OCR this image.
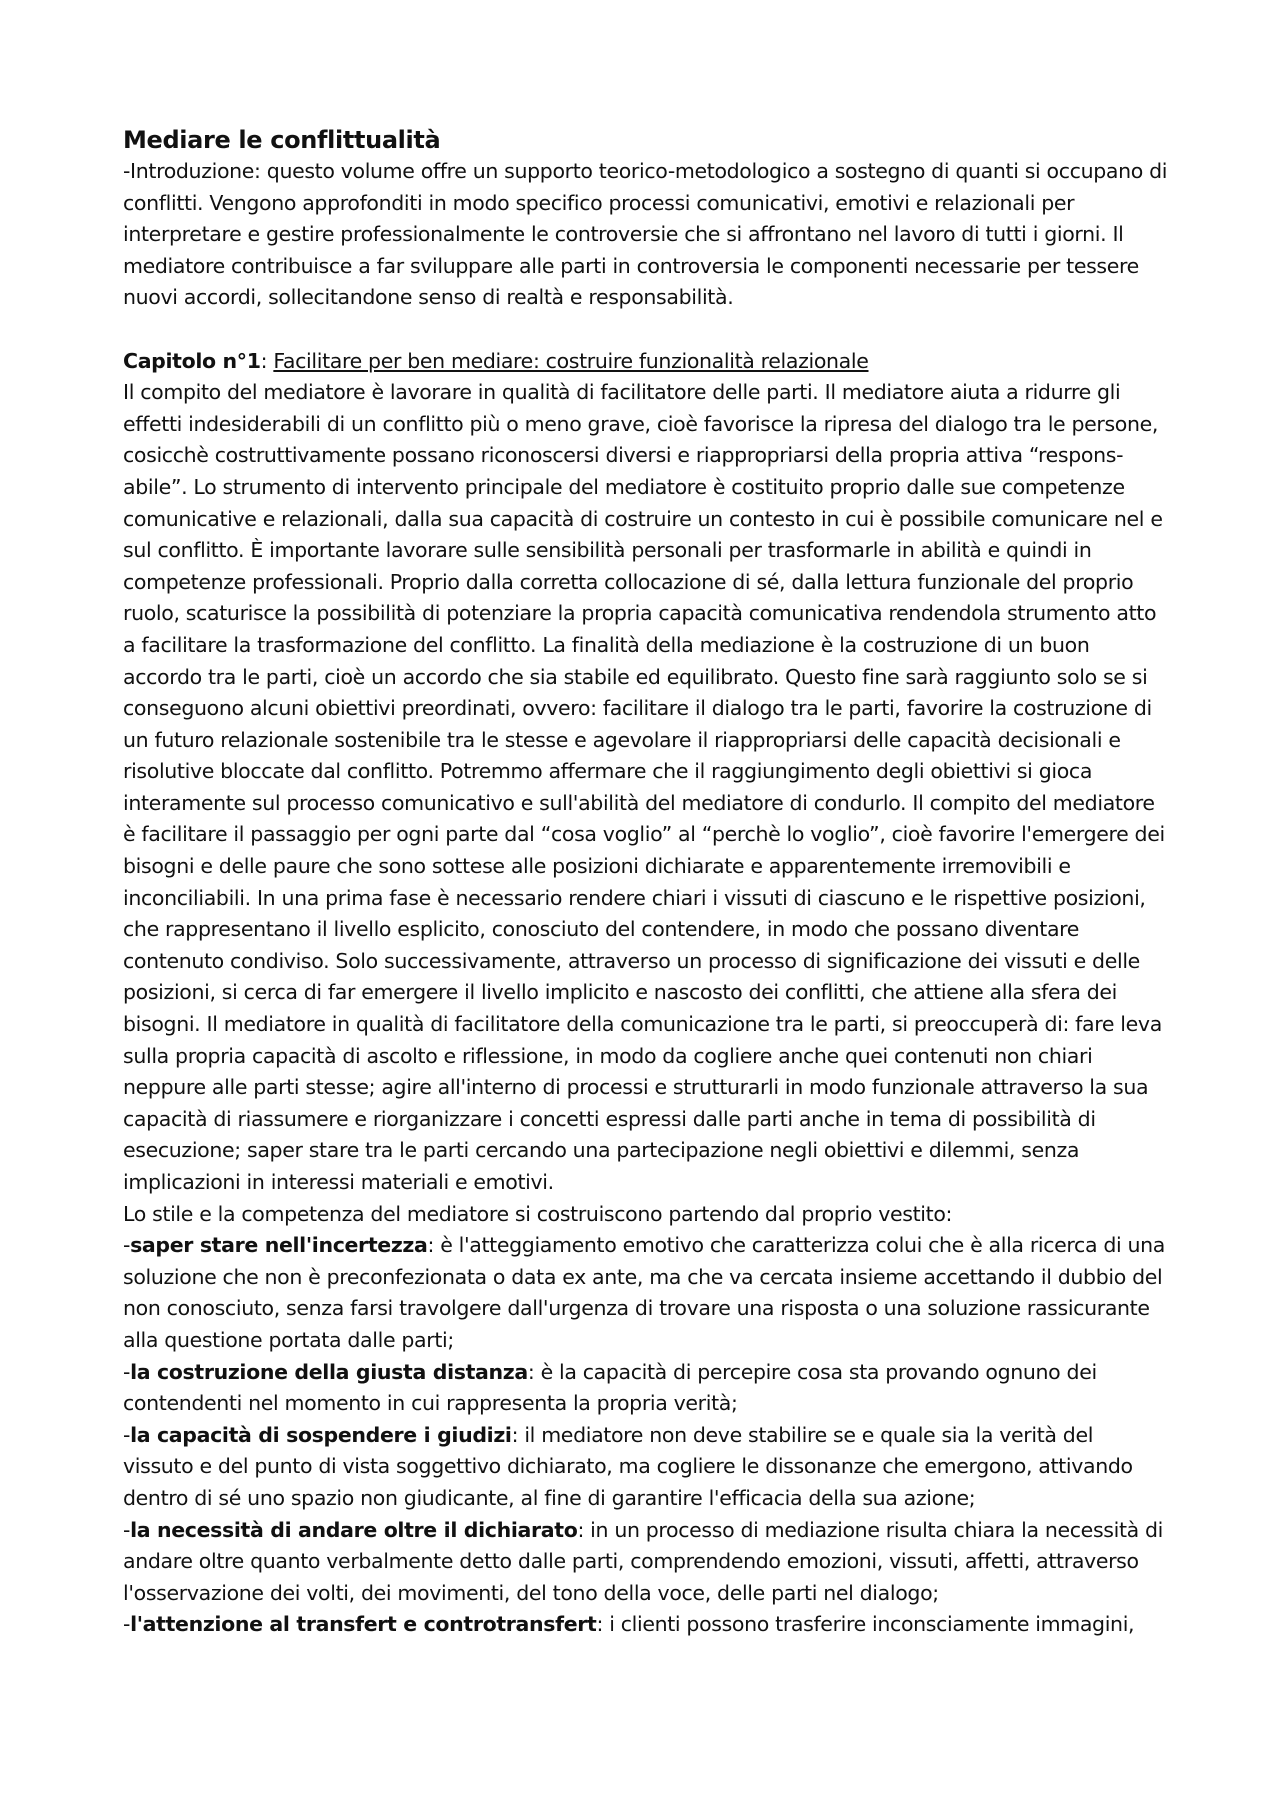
Mediare le conflittualità

-Introduzione: questo volume offre un supporto teorico-metodologico a sostegno di quanti si occupano di conflitti. Vengono approfonditi in modo specifico processi comunicativi, emotivi e relazionali per interpretare e gestire professionalmente le controversie che si affrontano nel lavoro di tutti i giorni. Il mediatore contribuisce a far sviluppare alle parti in controversia le componenti necessarie per tessere nuovi accordi, sollecitandone senso di realtà e responsabilità.

Capitolo n°1: Facilitare per ben mediare: costruire funzionalità relazionale

Il compito del mediatore è lavorare in qualità di facilitatore delle parti. Il mediatore aiuta a ridurre gli effetti indesiderabili di un conflitto più o meno grave, cioè favorisce la ripresa del dialogo tra le persone, cosicchè costruttivamente possano riconoscersi diversi e riappropriarsi della propria attiva “respons-abile”. Lo strumento di intervento principale del mediatore è costituito proprio dalle sue competenze comunicative e relazionali, dalla sua capacità di costruire un contesto in cui è possibile comunicare nel e sul conflitto. È importante lavorare sulle sensibilità personali per trasformarle in abilità e quindi in competenze professionali. Proprio dalla corretta collocazione di sé, dalla lettura funzionale del proprio ruolo, scaturisce la possibilità di potenziare la propria capacità comunicativa rendendola strumento atto a facilitare la trasformazione del conflitto. La finalità della mediazione è la costruzione di un buon accordo tra le parti, cioè un accordo che sia stabile ed equilibrato. Questo fine sarà raggiunto solo se si conseguono alcuni obiettivi preordinati, ovvero: facilitare il dialogo tra le parti, favorire la costruzione di un futuro relazionale sostenibile tra le stesse e agevolare il riappropriarsi delle capacità decisionali e risolutive bloccate dal conflitto. Potremmo affermare che il raggiungimento degli obiettivi si gioca interamente sul processo comunicativo e sull'abilità del mediatore di condurlo. Il compito del mediatore è facilitare il passaggio per ogni parte dal “cosa voglio” al “perchè lo voglio”, cioè favorire l'emergere dei bisogni e delle paure che sono sottese alle posizioni dichiarate e apparentemente irremovibili e inconciliabili. In una prima fase è necessario rendere chiari i vissuti di ciascuno e le rispettive posizioni, che rappresentano il livello esplicito, conosciuto del contendere, in modo che possano diventare contenuto condiviso. Solo successivamente, attraverso un processo di significazione dei vissuti e delle posizioni, si cerca di far emergere il livello implicito e nascosto dei conflitti, che attiene alla sfera dei bisogni. Il mediatore in qualità di facilitatore della comunicazione tra le parti, si preoccuperà di: fare leva sulla propria capacità di ascolto e riflessione, in modo da cogliere anche quei contenuti non chiari neppure alle parti stesse; agire all'interno di processi e strutturarli in modo funzionale attraverso la sua capacità di riassumere e riorganizzare i concetti espressi dalle parti anche in tema di possibilità di esecuzione; saper stare tra le parti cercando una partecipazione negli obiettivi e dilemmi, senza implicazioni in interessi materiali e emotivi.

Lo stile e la competenza del mediatore si costruiscono partendo dal proprio vestito:

-saper stare nell'incertezza: è l'atteggiamento emotivo che caratterizza colui che è alla ricerca di una soluzione che non è preconfezionata o data ex ante, ma che va cercata insieme accettando il dubbio del non conosciuto, senza farsi travolgere dall'urgenza di trovare una risposta o una soluzione rassicurante alla questione portata dalle parti;

-la costruzione della giusta distanza: è la capacità di percepire cosa sta provando ognuno dei contendenti nel momento in cui rappresenta la propria verità;

-la capacità di sospendere i giudizi: il mediatore non deve stabilire se e quale sia la verità del vissuto e del punto di vista soggettivo dichiarato, ma cogliere le dissonanze che emergono, attivando dentro di sé uno spazio non giudicante, al fine di garantire l'efficacia della sua azione;

-la necessità di andare oltre il dichiarato: in un processo di mediazione risulta chiara la necessità di andare oltre quanto verbalmente detto dalle parti, comprendendo emozioni, vissuti, affetti, attraverso l'osservazione dei volti, dei movimenti, del tono della voce, delle parti nel dialogo;

-l'attenzione al transfert e controtransfert: i clienti possono trasferire inconsciamente immagini,
